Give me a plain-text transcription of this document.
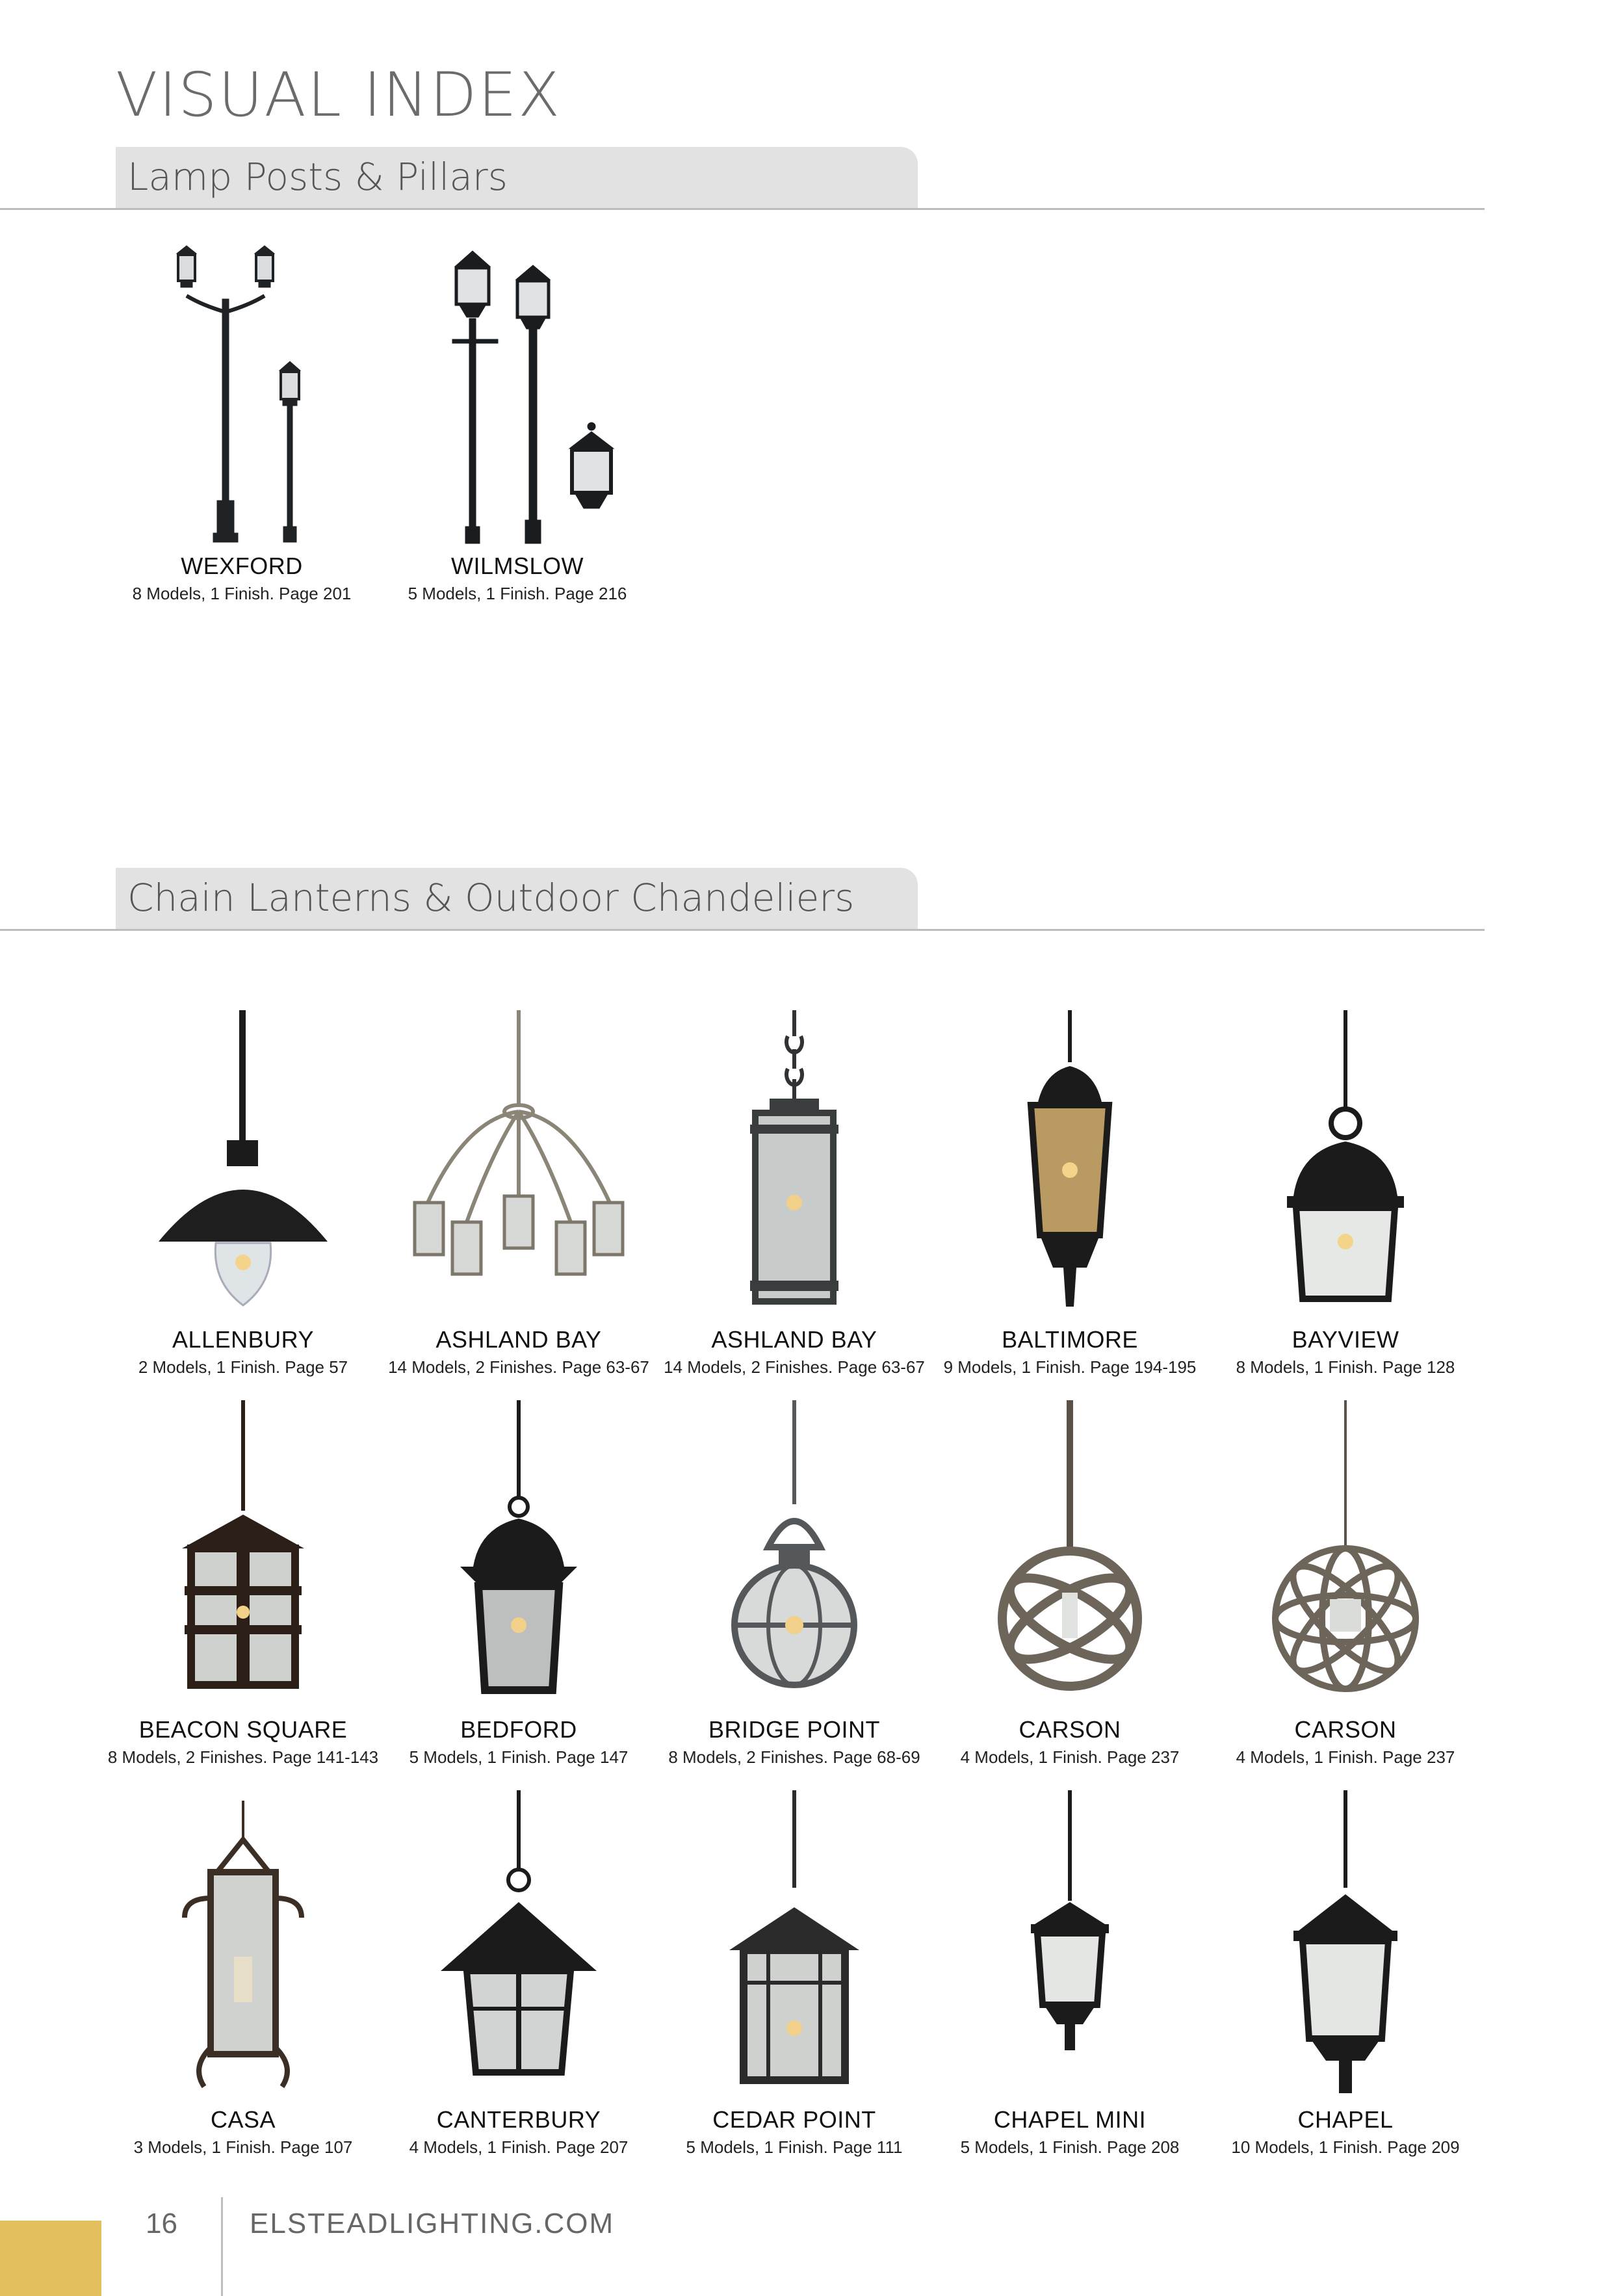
VISUAL INDEX
Lamp Posts & Pillars
WEXFORD
8 Models, 1 Finish. Page 201
WILMSLOW
5 Models, 1 Finish. Page 216
Chain Lanterns & Outdoor Chandeliers
ALLENBURY
2 Models, 1 Finish. Page 57
ASHLAND BAY
14 Models, 2 Finishes. Page 63-67
ASHLAND BAY
14 Models, 2 Finishes. Page 63-67
BALTIMORE
9 Models, 1 Finish. Page 194-195
BAYVIEW
8 Models, 1 Finish. Page 128
BEACON SQUARE
8 Models, 2 Finishes. Page 141-143
BEDFORD
5 Models, 1 Finish. Page 147
BRIDGE POINT
8 Models, 2 Finishes. Page 68-69
CARSON
4 Models, 1 Finish. Page 237
CARSON
4 Models, 1 Finish. Page 237
CASA
3 Models, 1 Finish. Page 107
CANTERBURY
4 Models, 1 Finish. Page 207
CEDAR POINT
5 Models, 1 Finish. Page 111
CHAPEL MINI
5 Models, 1 Finish. Page 208
CHAPEL
10 Models, 1 Finish. Page 209
16	ELSTEADLIGHTING.COM
